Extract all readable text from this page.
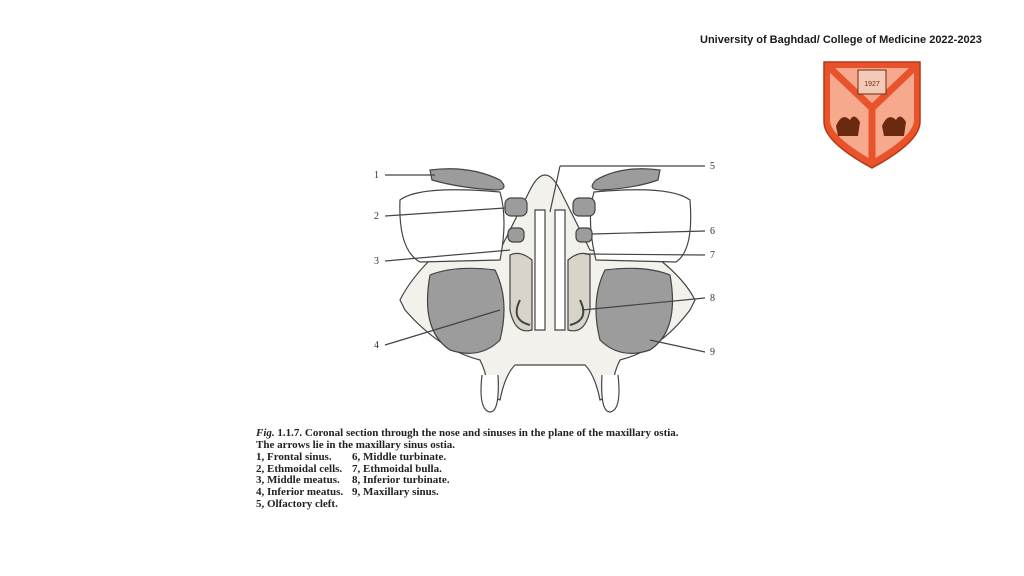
University of Baghdad/ College of Medicine 2022-2023
1927
1
2
3
4
5
6
7
8
9
Fig. 1.1.7. Coronal section through the nose and sinuses in the plane of the maxillary ostia.
The arrows lie in the maxillary sinus ostia.
1, Frontal sinus.	6, Middle turbinate.
2, Ethmoidal cells. 7, Ethmoidal bulla.
3, Middle meatus.	8, Inferior turbinate.
4, Inferior meatus. 9, Maxillary sinus.
5, Olfactory cleft.
